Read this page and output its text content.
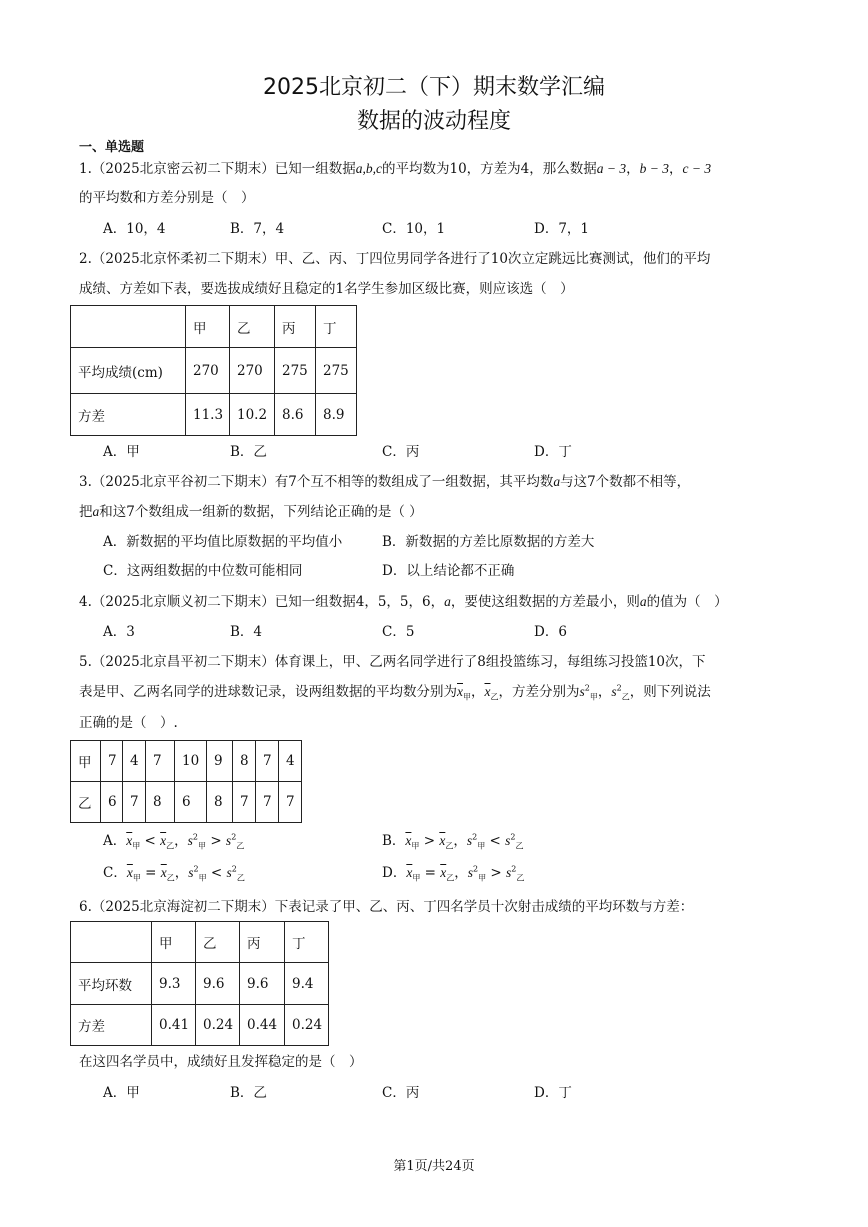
2025北京初二（下）期末数学汇编
数据的波动程度
一、单选题
1.（2025北京密云初二下期末）已知一组数据a,b,c的平均数为10，方差为4，那么数据a − 3，b − 3，c − 3
的平均数和方差分别是（　）
A．10，4	B．7，4	C．10，1	D．7，1
2.（2025北京怀柔初二下期末）甲、乙、丙、丁四位男同学各进行了10次立定跳远比赛测试，他们的平均
成绩、方差如下表，要选拔成绩好且稳定的1名学生参加区级比赛，则应该选（　）
	甲	乙	丙	丁
平均成绩(cm)	270	270	275	275
方差	11.3	10.2	8.6	8.9
A．甲	B．乙	C．丙	D．丁
3.（2025北京平谷初二下期末）有7个互不相等的数组成了一组数据，其平均数a与这7个数都不相等，
把a和这7个数组成一组新的数据，下列结论正确的是（ ）
A．新数据的平均值比原数据的平均值小	B．新数据的方差比原数据的方差大
C．这两组数据的中位数可能相同	D．以上结论都不正确
4.（2025北京顺义初二下期末）已知一组数据4，5，5，6，a，要使这组数据的方差最小，则a的值为（　）
A．3	B．4	C．5	D．6
5.（2025北京昌平初二下期末）体育课上，甲、乙两名同学进行了8组投篮练习，每组练习投篮10次，下
表是甲、乙两名同学的进球数记录，设两组数据的平均数分别为$\overline{x}_甲$，$\overline{x}_乙$，方差分别为$s^2_甲$，$s^2_乙$，则下列说法
正确的是（　）.
甲	7	4	7	10	9	8	7	4
乙	6	7	8	6	8	7	7	7
A．$\overline{x}_甲 < \overline{x}_乙$，$s^2_甲 > s^2_乙$	B．$\overline{x}_甲 > \overline{x}_乙$，$s^2_甲 < s^2_乙$
C．$\overline{x}_甲 = \overline{x}_乙$，$s^2_甲 < s^2_乙$	D．$\overline{x}_甲 = \overline{x}_乙$，$s^2_甲 > s^2_乙$
6.（2025北京海淀初二下期末）下表记录了甲、乙、丙、丁四名学员十次射击成绩的平均环数与方差：
	甲	乙	丙	丁
平均环数	9.3	9.6	9.6	9.4
方差	0.41	0.24	0.44	0.24
在这四名学员中，成绩好且发挥稳定的是（　）
A．甲	B．乙	C．丙	D．丁
第1页/共24页
